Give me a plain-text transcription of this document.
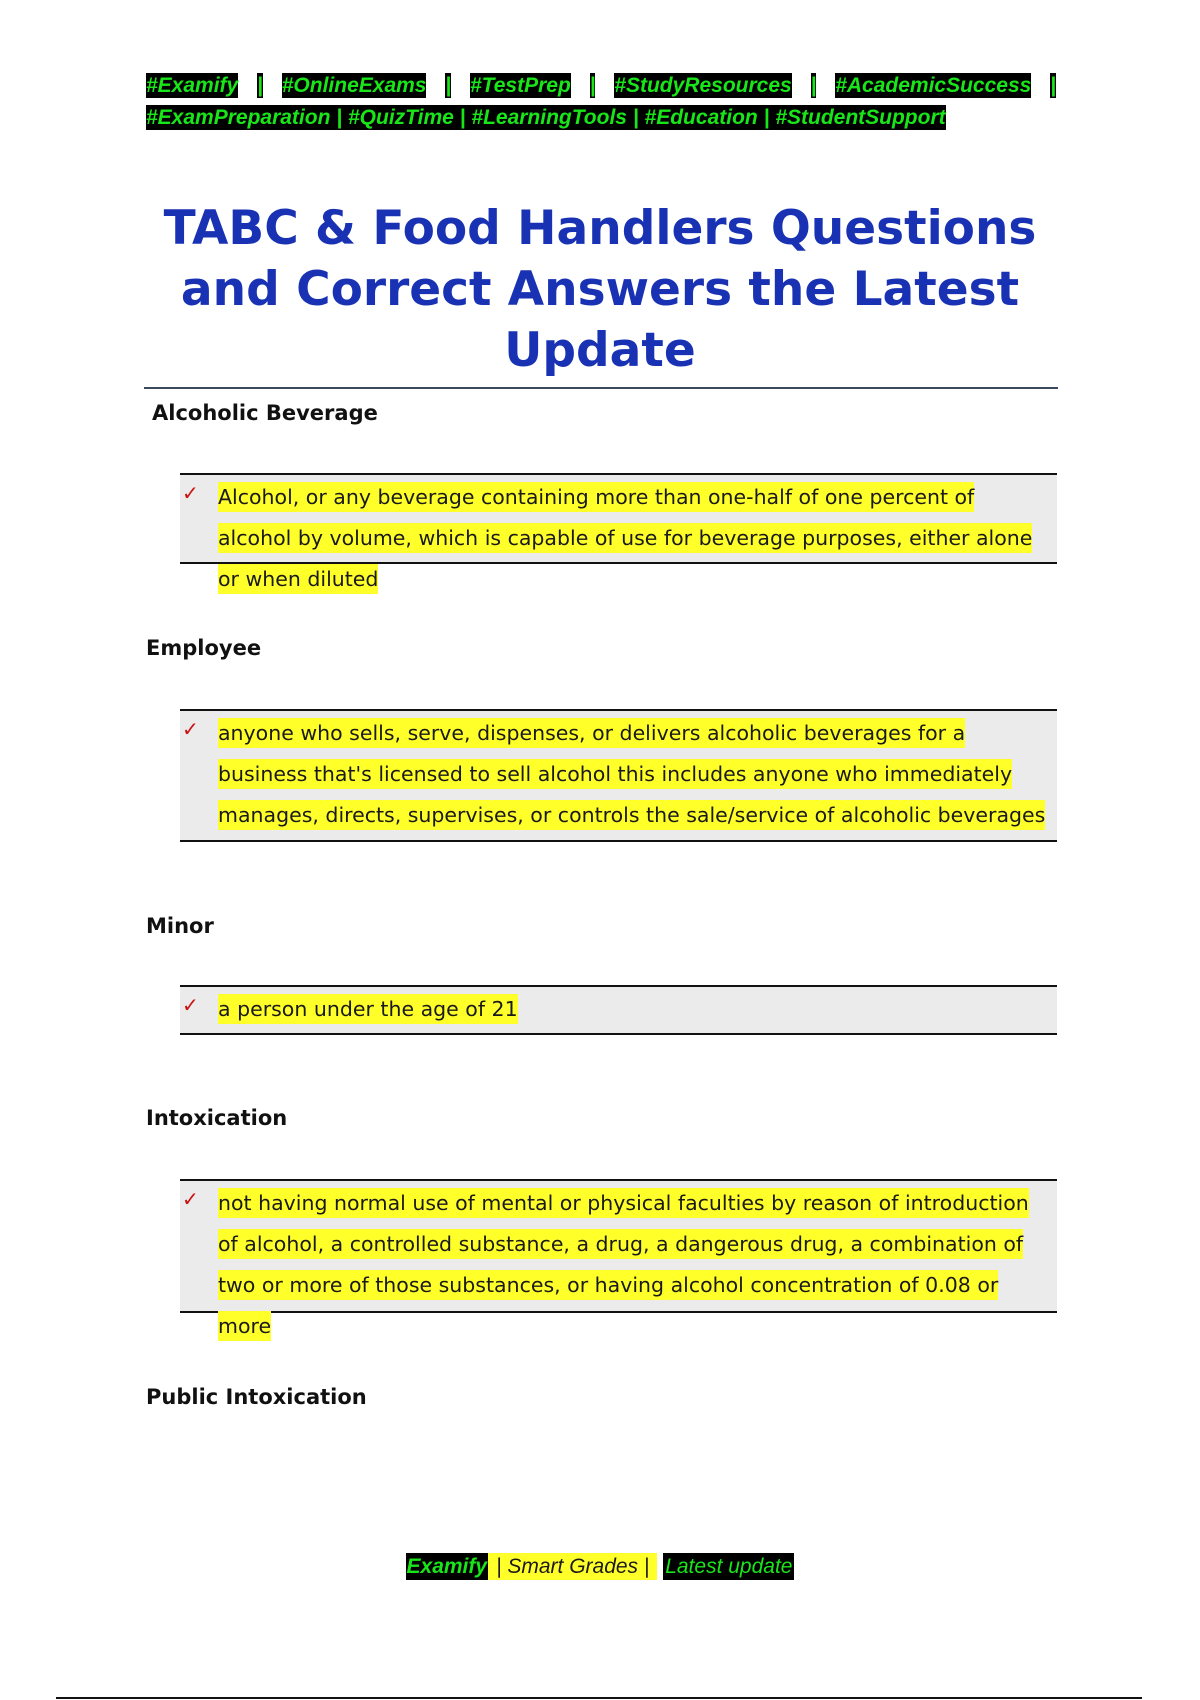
#Examify | #OnlineExams | #TestPrep | #StudyResources | #AcademicSuccess |
#ExamPreparation | #QuizTime | #LearningTools | #Education | #StudentSupport
TABC & Food Handlers Questions
and Correct Answers the Latest
Update
Alcoholic Beverage
✓ Alcohol, or any beverage containing more than one-half of one percent of alcohol by volume, which is capable of use for beverage purposes, either alone or when diluted
Employee
✓ anyone who sells, serve, dispenses, or delivers alcoholic beverages for a business that's licensed to sell alcohol this includes anyone who immediately manages, directs, supervises, or controls the sale/service of alcoholic beverages
Minor
✓ a person under the age of 21
Intoxication
✓ not having normal use of mental or physical faculties by reason of introduction of alcohol, a controlled substance, a drug, a dangerous drug, a combination of two or more of those substances, or having alcohol concentration of 0.08 or more
Public Intoxication
Examify | Smart Grades | Latest update
